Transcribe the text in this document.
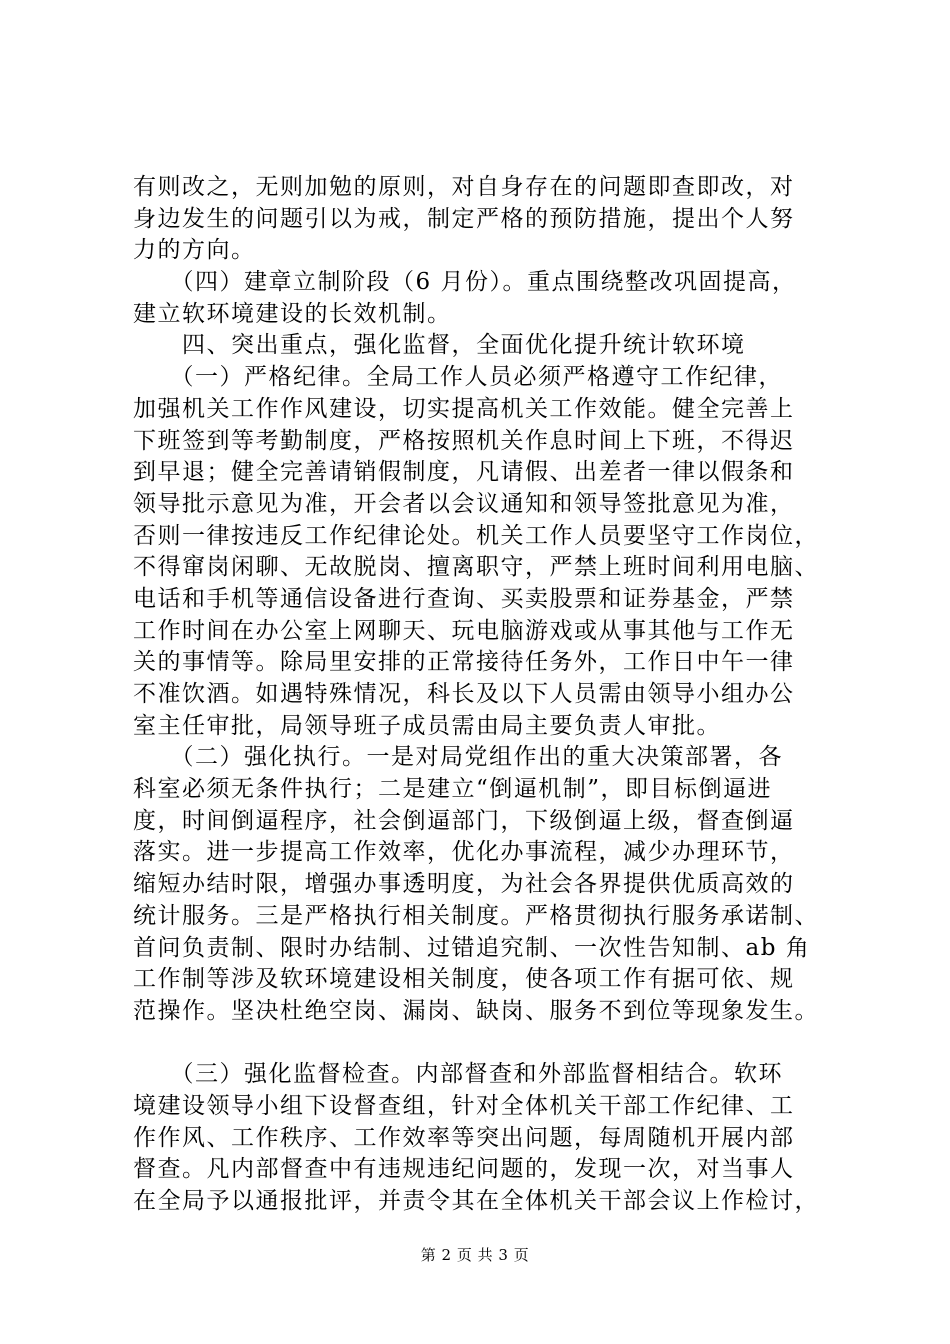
有则改之，无则加勉的原则，对自身存在的问题即查即改，对
身边发生的问题引以为戒，制定严格的预防措施，提出个人努
力的方向。
　　（四）建章立制阶段（6 月份）。重点围绕整改巩固提高，
建立软环境建设的长效机制。
　　四、突出重点，强化监督，全面优化提升统计软环境
　　（一）严格纪律。全局工作人员必须严格遵守工作纪律，
加强机关工作作风建设，切实提高机关工作效能。健全完善上
下班签到等考勤制度，严格按照机关作息时间上下班，不得迟
到早退；健全完善请销假制度，凡请假、出差者一律以假条和
领导批示意见为准，开会者以会议通知和领导签批意见为准，
否则一律按违反工作纪律论处。机关工作人员要坚守工作岗位，
不得窜岗闲聊、无故脱岗、擅离职守，严禁上班时间利用电脑、
电话和手机等通信设备进行查询、买卖股票和证券基金，严禁
工作时间在办公室上网聊天、玩电脑游戏或从事其他与工作无
关的事情等。除局里安排的正常接待任务外，工作日中午一律
不准饮酒。如遇特殊情况，科长及以下人员需由领导小组办公
室主任审批，局领导班子成员需由局主要负责人审批。
　　（二）强化执行。一是对局党组作出的重大决策部署，各
科室必须无条件执行；二是建立“倒逼机制”，即目标倒逼进
度，时间倒逼程序，社会倒逼部门，下级倒逼上级，督查倒逼
落实。进一步提高工作效率，优化办事流程，减少办理环节，
缩短办结时限，增强办事透明度，为社会各界提供优质高效的
统计服务。三是严格执行相关制度。严格贯彻执行服务承诺制、
首问负责制、限时办结制、过错追究制、一次性告知制、ab 角
工作制等涉及软环境建设相关制度，使各项工作有据可依、规
范操作。坚决杜绝空岗、漏岗、缺岗、服务不到位等现象发生。
　　（三）强化监督检查。内部督查和外部监督相结合。软环
境建设领导小组下设督查组，针对全体机关干部工作纪律、工
作作风、工作秩序、工作效率等突出问题，每周随机开展内部
督查。凡内部督查中有违规违纪问题的，发现一次，对当事人
在全局予以通报批评，并责令其在全体机关干部会议上作检讨，
第 2 页 共 3 页
